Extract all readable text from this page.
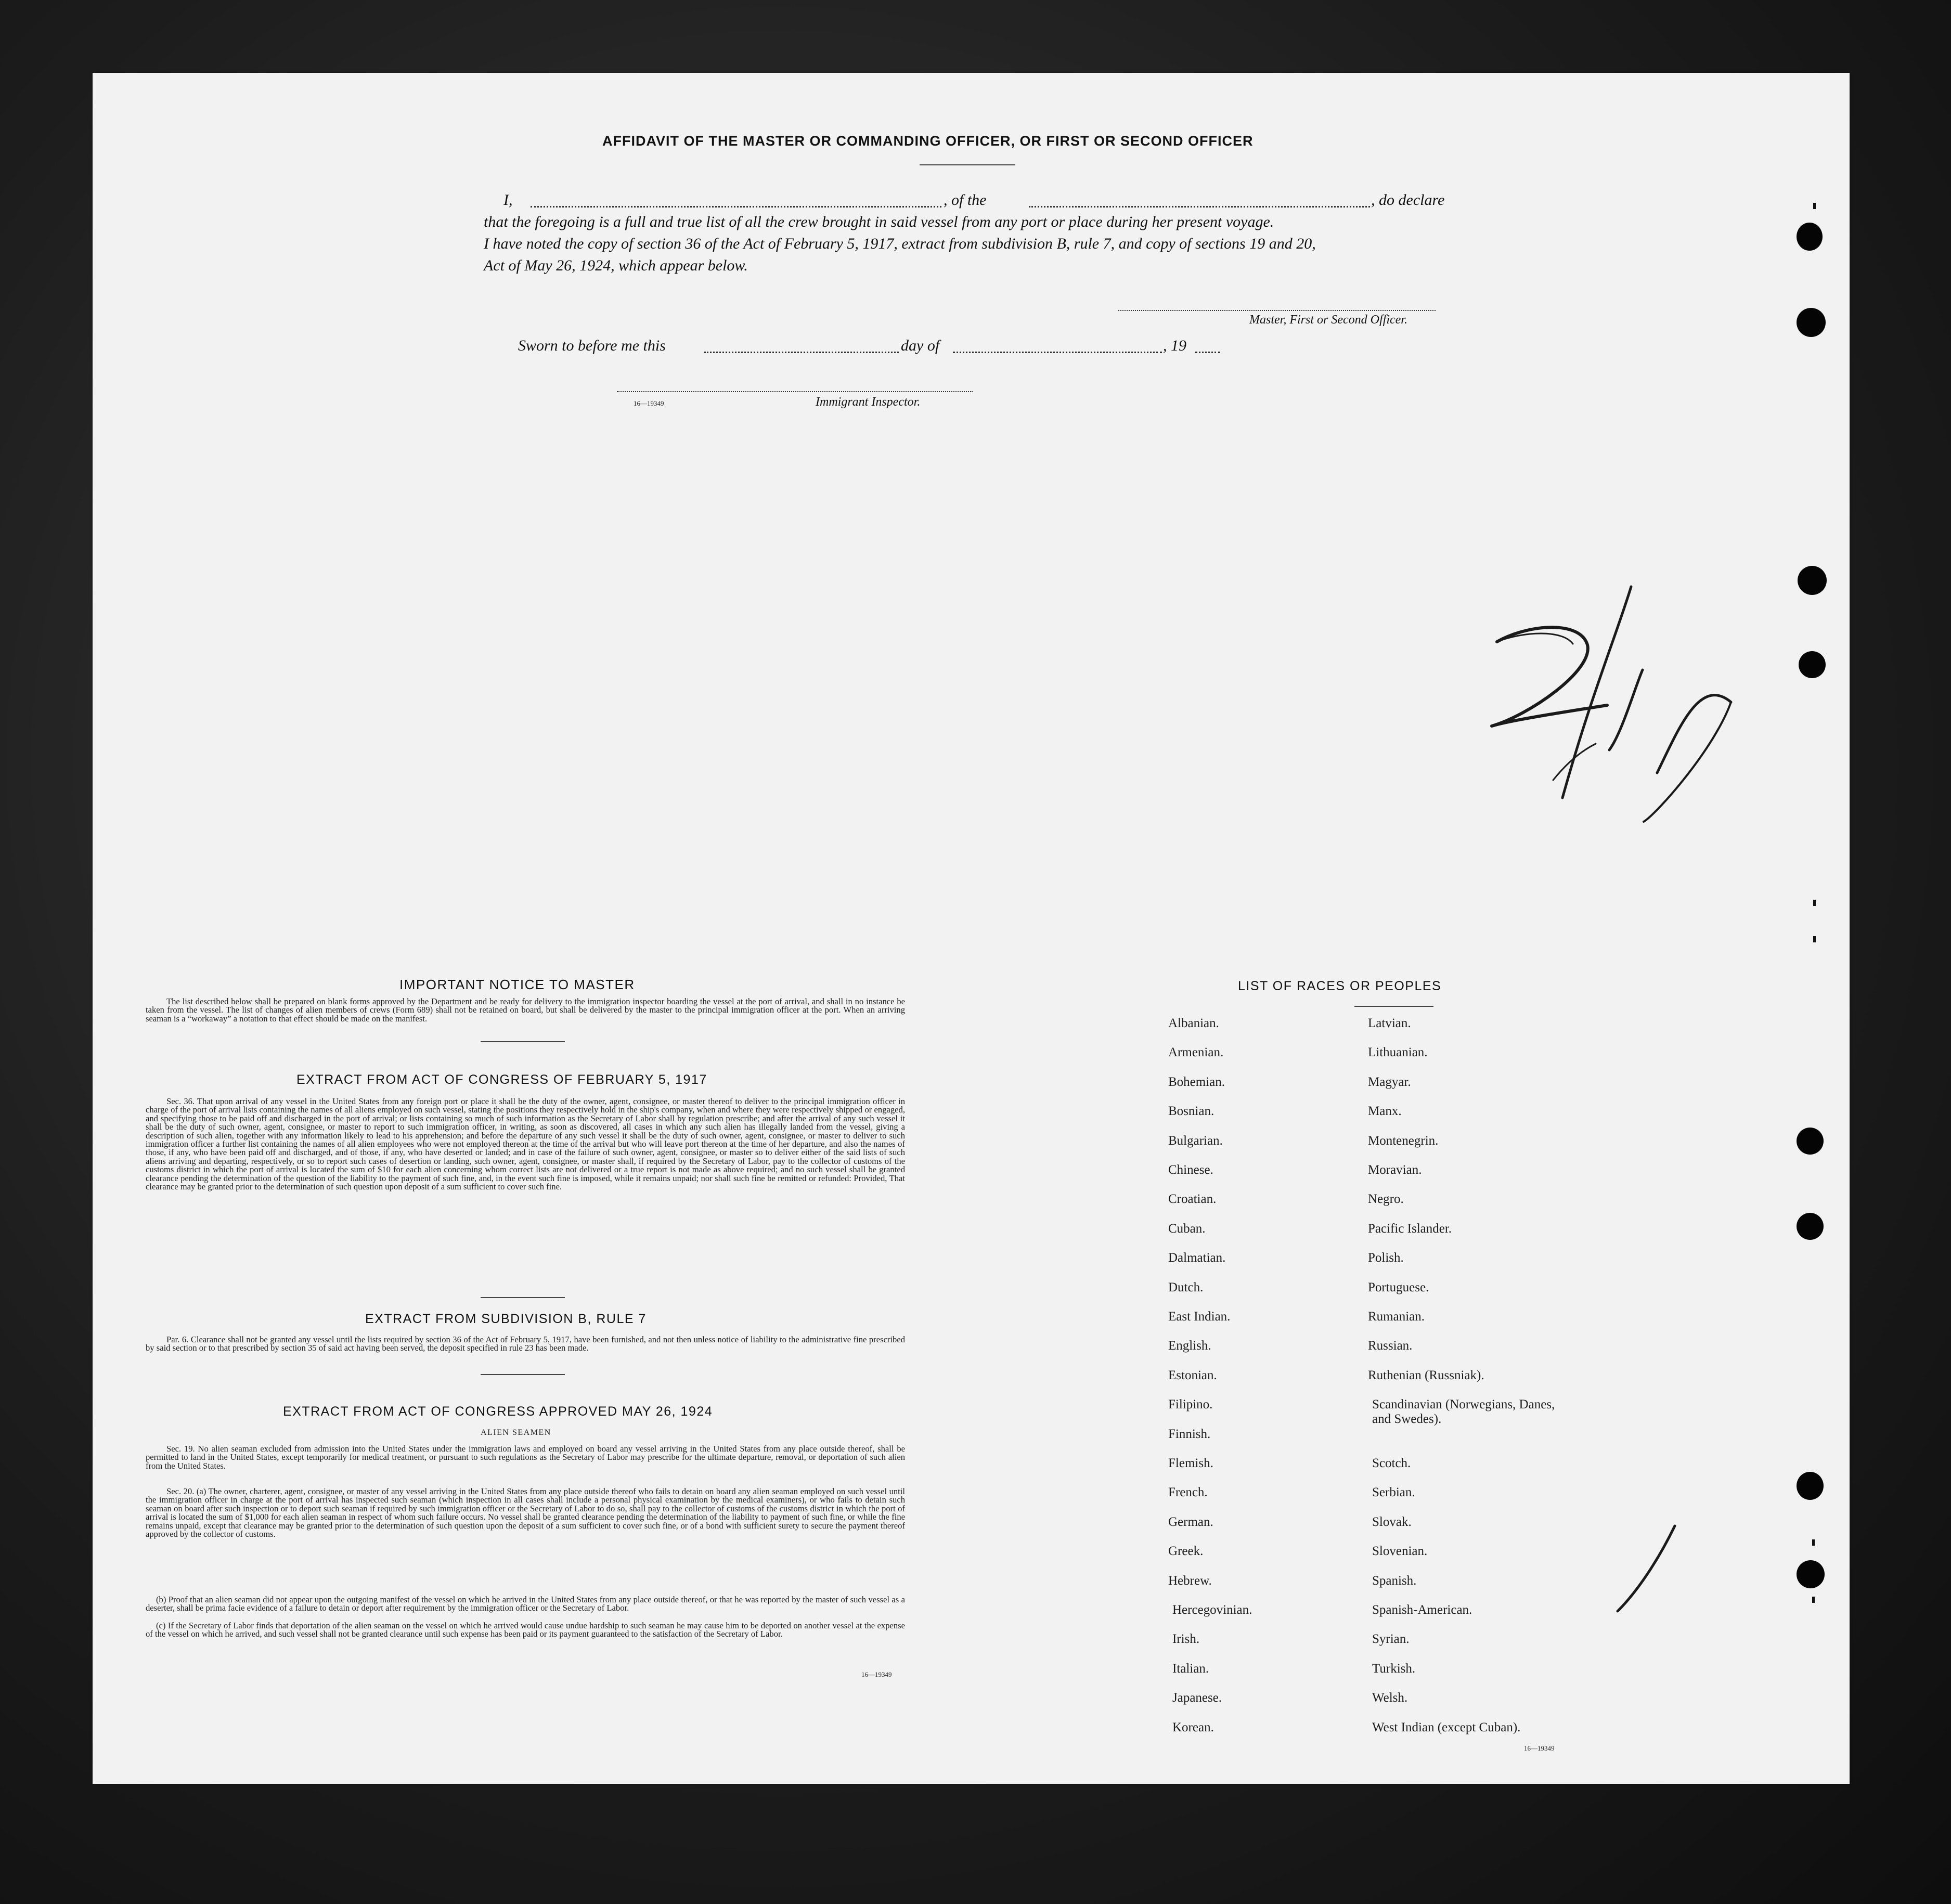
AFFIDAVIT OF THE MASTER OR COMMANDING OFFICER, OR FIRST OR SECOND OFFICER
I,	, of the	, do declare
that the foregoing is a full and true list of all the crew brought in said vessel from any port or place during her present voyage.
I have noted the copy of section 36 of the Act of February 5, 1917, extract from subdivision B, rule 7, and copy of sections 19 and 20,
Act of May 26, 1924, which appear below.
Master, First or Second Officer.
Sworn to before me this	day of	, 19
16—19349	Immigrant Inspector.
IMPORTANT NOTICE TO MASTER
The list described below shall be prepared on blank forms approved by the Department and be ready for delivery to the immigration inspector boarding the vessel at the port of arrival, and shall in no instance be taken from the vessel. The list of changes of alien members of crews (Form 689) shall not be retained on board, but shall be delivered by the master to the principal immigration officer at the port. When an arriving seaman is a “workaway” a notation to that effect should be made on the manifest.
EXTRACT FROM ACT OF CONGRESS OF FEBRUARY 5, 1917
Sec. 36. That upon arrival of any vessel in the United States from any foreign port or place it shall be the duty of the owner, agent, consignee, or master thereof to deliver to the principal immigration officer in charge of the port of arrival lists containing the names of all aliens employed on such vessel, stating the positions they respectively hold in the ship's company, when and where they were respectively shipped or engaged, and specifying those to be paid off and discharged in the port of arrival; or lists containing so much of such information as the Secretary of Labor shall by regulation prescribe; and after the arrival of any such vessel it shall be the duty of such owner, agent, consignee, or master to report to such immigration officer, in writing, as soon as discovered, all cases in which any such alien has illegally landed from the vessel, giving a description of such alien, together with any information likely to lead to his apprehension; and before the departure of any such vessel it shall be the duty of such owner, agent, consignee, or master to deliver to such immigration officer a further list containing the names of all alien employees who were not employed thereon at the time of the arrival but who will leave port thereon at the time of her departure, and also the names of those, if any, who have been paid off and discharged, and of those, if any, who have deserted or landed; and in case of the failure of such owner, agent, consignee, or master so to deliver either of the said lists of such aliens arriving and departing, respectively, or so to report such cases of desertion or landing, such owner, agent, consignee, or master shall, if required by the Secretary of Labor, pay to the collector of customs of the customs district in which the port of arrival is located the sum of $10 for each alien concerning whom correct lists are not delivered or a true report is not made as above required; and no such vessel shall be granted clearance pending the determination of the question of the liability to the payment of such fine, and, in the event such fine is imposed, while it remains unpaid; nor shall such fine be remitted or refunded: Provided, That clearance may be granted prior to the determination of such question upon deposit of a sum sufficient to cover such fine.
EXTRACT FROM SUBDIVISION B, RULE 7
Par. 6. Clearance shall not be granted any vessel until the lists required by section 36 of the Act of February 5, 1917, have been furnished, and not then unless notice of liability to the administrative fine prescribed by said section or to that prescribed by section 35 of said act having been served, the deposit specified in rule 23 has been made.
EXTRACT FROM ACT OF CONGRESS APPROVED MAY 26, 1924
ALIEN SEAMEN
Sec. 19. No alien seaman excluded from admission into the United States under the immigration laws and employed on board any vessel arriving in the United States from any place outside thereof, shall be permitted to land in the United States, except temporarily for medical treatment, or pursuant to such regulations as the Secretary of Labor may prescribe for the ultimate departure, removal, or deportation of such alien from the United States.
Sec. 20. (a) The owner, charterer, agent, consignee, or master of any vessel arriving in the United States from any place outside thereof who fails to detain on board any alien seaman employed on such vessel until the immigration officer in charge at the port of arrival has inspected such seaman (which inspection in all cases shall include a personal physical examination by the medical examiners), or who fails to detain such seaman on board after such inspection or to deport such seaman if required by such immigration officer or the Secretary of Labor to do so, shall pay to the collector of customs of the customs district in which the port of arrival is located the sum of $1,000 for each alien seaman in respect of whom such failure occurs. No vessel shall be granted clearance pending the determination of the liability to payment of such fine, or while the fine remains unpaid, except that clearance may be granted prior to the determination of such question upon the deposit of a sum sufficient to cover such fine, or of a bond with sufficient surety to secure the payment thereof approved by the collector of customs.
(b) Proof that an alien seaman did not appear upon the outgoing manifest of the vessel on which he arrived in the United States from any place outside thereof, or that he was reported by the master of such vessel as a deserter, shall be prima facie evidence of a failure to detain or deport after requirement by the immigration officer or the Secretary of Labor.
(c) If the Secretary of Labor finds that deportation of the alien seaman on the vessel on which he arrived would cause undue hardship to such seaman he may cause him to be deported on another vessel at the expense of the vessel on which he arrived, and such vessel shall not be granted clearance until such expense has been paid or its payment guaranteed to the satisfaction of the Secretary of Labor.
16—19349
LIST OF RACES OR PEOPLES
16—19349
Albanian.
Armenian.
Bohemian.
Bosnian.
Bulgarian.
Chinese.
Croatian.
Cuban.
Dalmatian.
Dutch.
East Indian.
English.
Estonian.
Filipino.
Finnish.
Flemish.
French.
German.
Greek.
Hebrew.
Hercegovinian.
Irish.
Italian.
Japanese.
Korean.
Latvian.
Lithuanian.
Magyar.
Manx.
Montenegrin.
Moravian.
Negro.
Pacific Islander.
Polish.
Portuguese.
Rumanian.
Russian.
Ruthenian (Russniak).
Scandinavian (Norwegians, Danes, and Swedes).
Scotch.
Serbian.
Slovak.
Slovenian.
Spanish.
Spanish-American.
Syrian.
Turkish.
Welsh.
West Indian (except Cuban).
